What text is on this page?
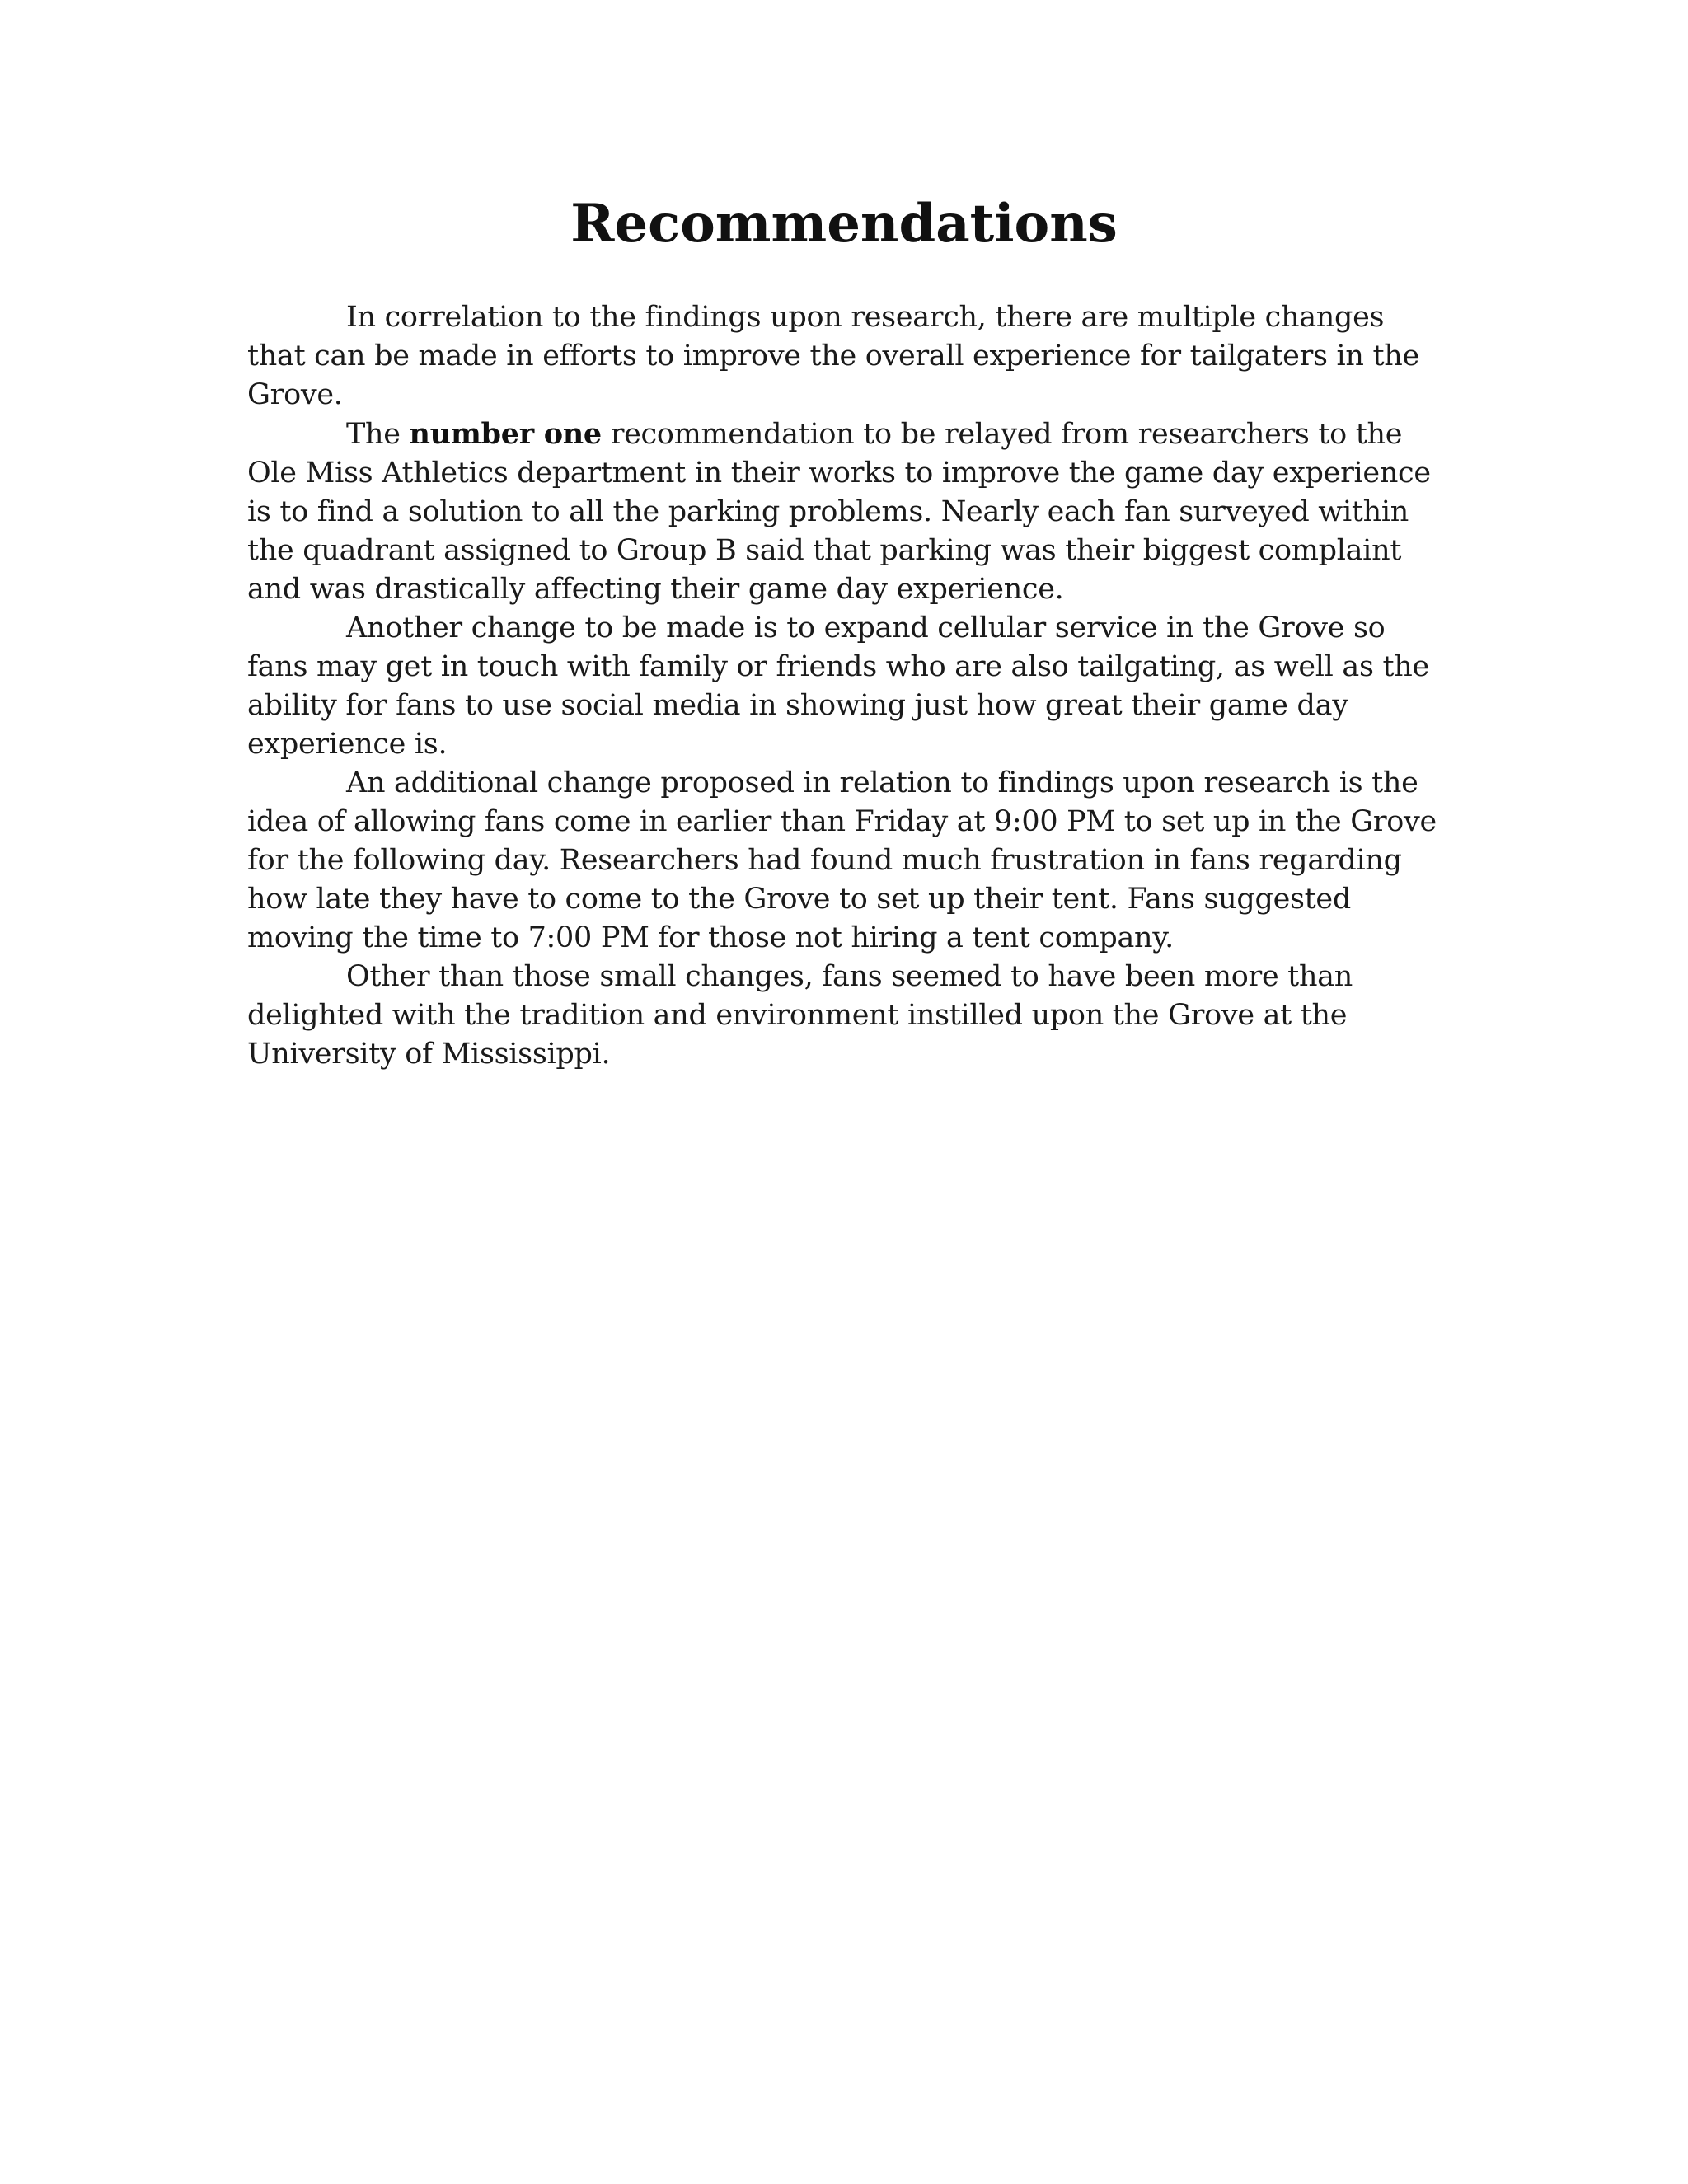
Recommendations

In correlation to the findings upon research, there are multiple changes that can be made in efforts to improve the overall experience for tailgaters in the Grove.

The number one recommendation to be relayed from researchers to the Ole Miss Athletics department in their works to improve the game day experience is to find a solution to all the parking problems. Nearly each fan surveyed within the quadrant assigned to Group B said that parking was their biggest complaint and was drastically affecting their game day experience.

Another change to be made is to expand cellular service in the Grove so fans may get in touch with family or friends who are also tailgating, as well as the ability for fans to use social media in showing just how great their game day experience is.

An additional change proposed in relation to findings upon research is the idea of allowing fans come in earlier than Friday at 9:00 PM to set up in the Grove for the following day. Researchers had found much frustration in fans regarding how late they have to come to the Grove to set up their tent. Fans suggested moving the time to 7:00 PM for those not hiring a tent company.

Other than those small changes, fans seemed to have been more than delighted with the tradition and environment instilled upon the Grove at the University of Mississippi.
